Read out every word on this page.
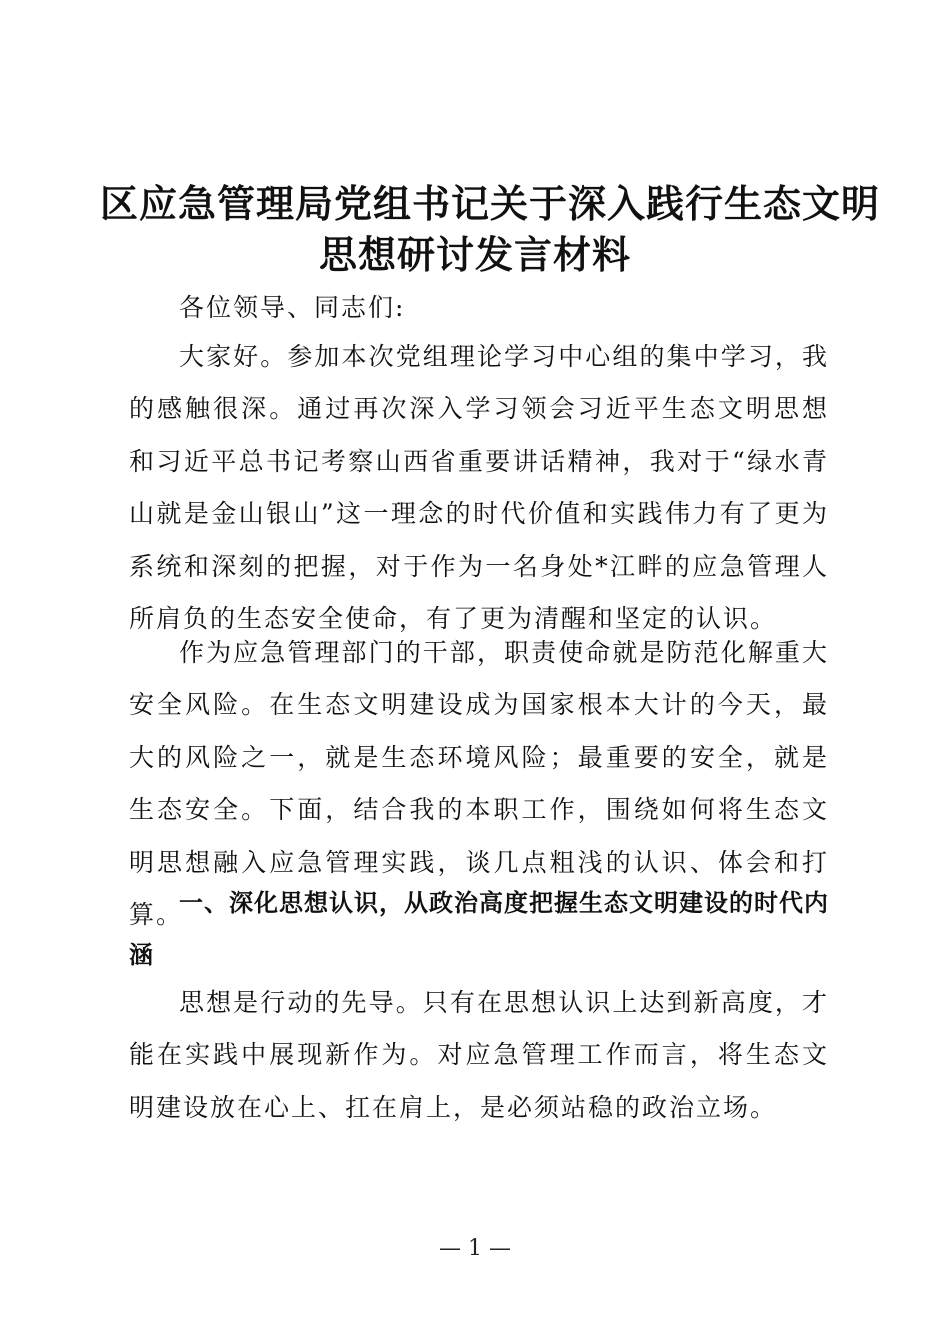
区应急管理局党组书记关于深入践行生态文明
思想研讨发言材料

各位领导、同志们:

大家好。参加本次党组理论学习中心组的集中学习，我的感触很深。通过再次深入学习领会习近平生态文明思想和习近平总书记考察山西省重要讲话精神，我对于“绿水青山就是金山银山”这一理念的时代价值和实践伟力有了更为系统和深刻的把握，对于作为一名身处*江畔的应急管理人所肩负的生态安全使命，有了更为清醒和坚定的认识。

作为应急管理部门的干部，职责使命就是防范化解重大安全风险。在生态文明建设成为国家根本大计的今天，最大的风险之一，就是生态环境风险；最重要的安全，就是生态安全。下面，结合我的本职工作，围绕如何将生态文明思想融入应急管理实践，谈几点粗浅的认识、体会和打算。

一、深化思想认识，从政治高度把握生态文明建设的时代内涵

思想是行动的先导。只有在思想认识上达到新高度，才能在实践中展现新作为。对应急管理工作而言，将生态文明建设放在心上、扛在肩上，是必须站稳的政治立场。

— 1 —
